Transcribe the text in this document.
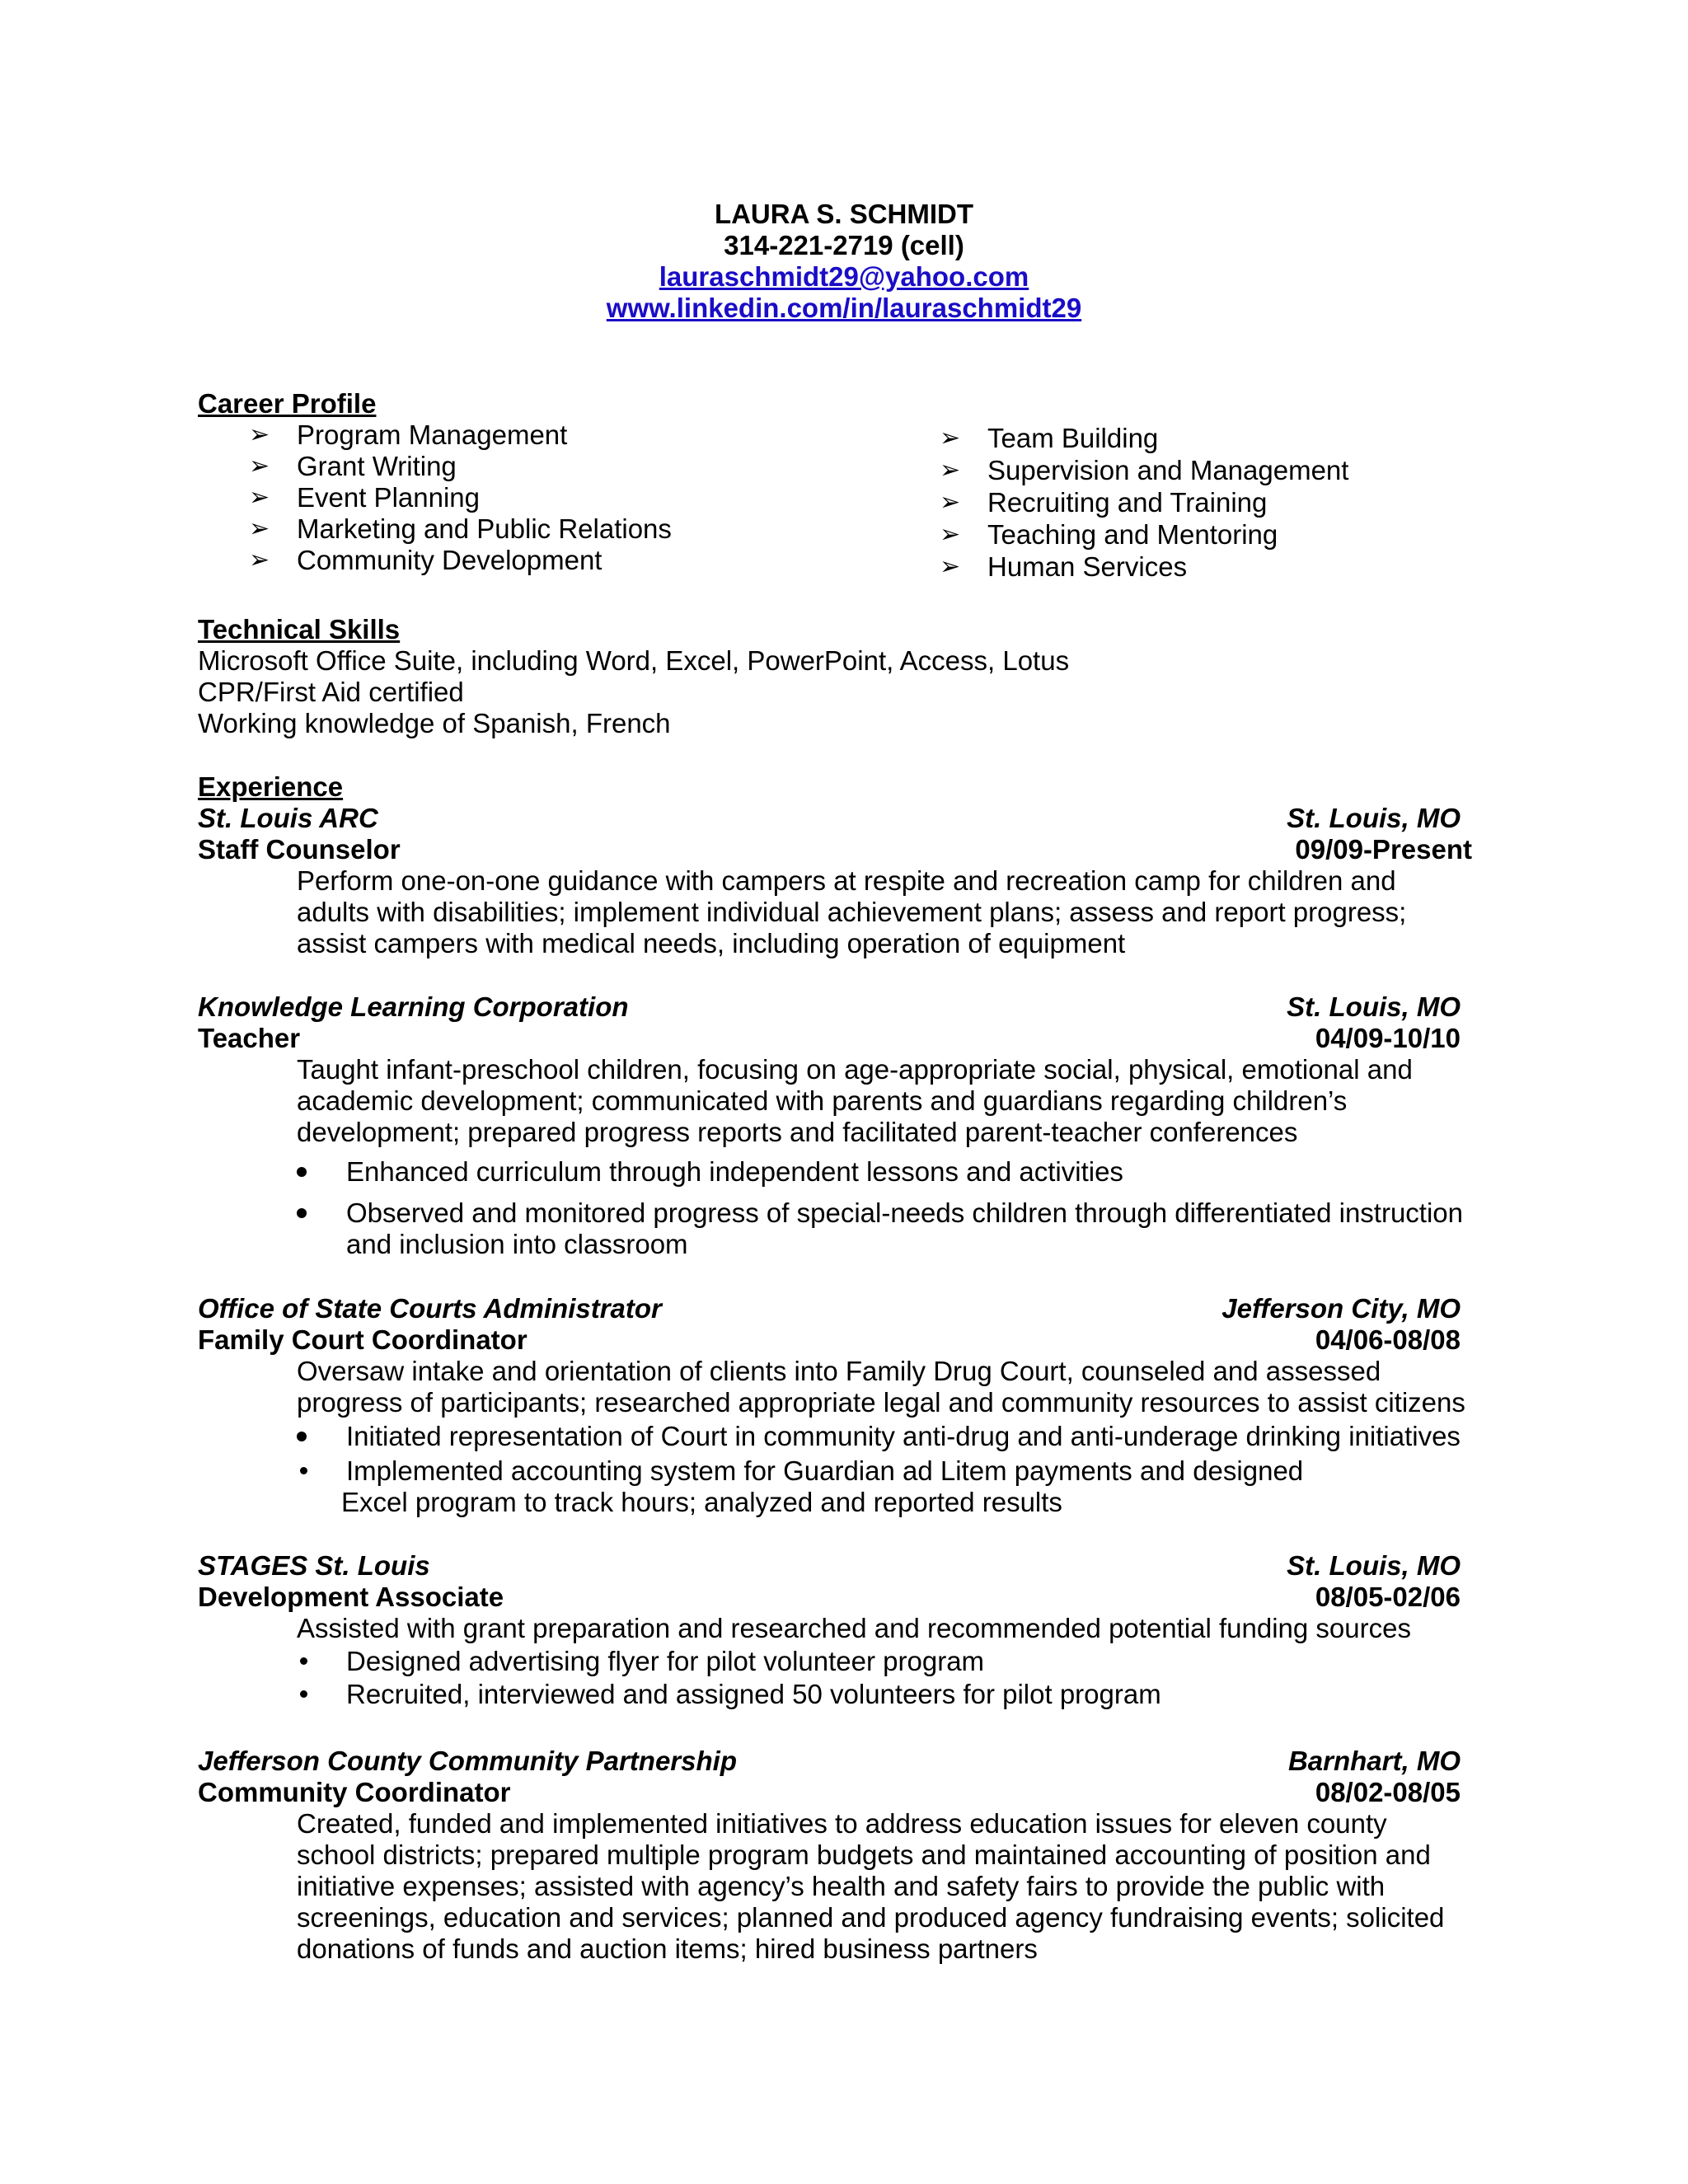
LAURA S. SCHMIDT
314-221-2719 (cell)
lauraschmidt29@yahoo.com
www.linkedin.com/in/lauraschmidt29
Career Profile
➢ Program Management
➢ Grant Writing
➢ Event Planning
➢ Marketing and Public Relations
➢ Community Development
➢ Team Building
➢ Supervision and Management
➢ Recruiting and Training
➢ Teaching and Mentoring
➢ Human Services
Technical Skills
Microsoft Office Suite, including Word, Excel, PowerPoint, Access, Lotus
CPR/First Aid certified
Working knowledge of Spanish, French
Experience
St. Louis ARC	St. Louis, MO
Staff Counselor	09/09-Present
Perform one-on-one guidance with campers at respite and recreation camp for children and
adults with disabilities; implement individual achievement plans; assess and report progress;
assist campers with medical needs, including operation of equipment
Knowledge Learning Corporation	St. Louis, MO
Teacher	04/09-10/10
Taught infant-preschool children, focusing on age-appropriate social, physical, emotional and
academic development; communicated with parents and guardians regarding children’s
development; prepared progress reports and facilitated parent-teacher conferences
Enhanced curriculum through independent lessons and activities
Observed and monitored progress of special-needs children through differentiated instruction
and inclusion into classroom
Office of State Courts Administrator	Jefferson City, MO
Family Court Coordinator	04/06-08/08
Oversaw intake and orientation of clients into Family Drug Court, counseled and assessed
progress of participants; researched appropriate legal and community resources to assist citizens
Initiated representation of Court in community anti-drug and anti-underage drinking initiatives
Implemented accounting system for Guardian ad Litem payments and designed
Excel program to track hours; analyzed and reported results
STAGES St. Louis	St. Louis, MO
Development Associate	08/05-02/06
Assisted with grant preparation and researched and recommended potential funding sources
Designed advertising flyer for pilot volunteer program
Recruited, interviewed and assigned 50 volunteers for pilot program
Jefferson County Community Partnership	Barnhart, MO
Community Coordinator	08/02-08/05
Created, funded and implemented initiatives to address education issues for eleven county
school districts; prepared multiple program budgets and maintained accounting of position and
initiative expenses; assisted with agency’s health and safety fairs to provide the public with
screenings, education and services; planned and produced agency fundraising events; solicited
donations of funds and auction items; hired business partners
